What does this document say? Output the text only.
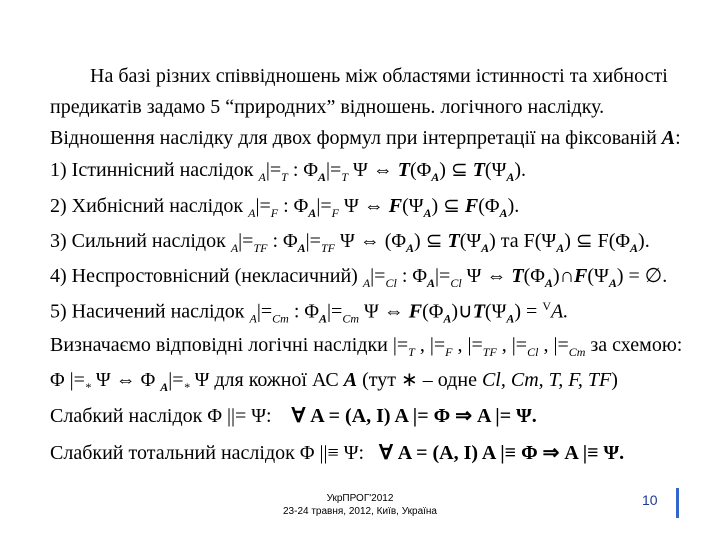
На базі різних співвідношень між областями істинності та хибності
предикатів задамо 5 “природних” відношень. логічного наслідку.
Відношення наслідку для двох формул при інтерпретації на фіксованій A:
1) Істиннісний наслідок $_A|=_T$ : $\Phi_A|=_T$ Ψ ⇔ $T(\Phi_A)$ ⊆ $T(\Psi_A)$.
2) Хибнісний наслідок $_A|=_F$ : $\Phi_A|=_F$ Ψ ⇔ $F(\Psi_A)$ ⊆ $F(\Phi_A)$.
3) Сильний наслідок $_A|=_{TF}$ : $\Phi_A|=_{TF}$ Ψ ⇔ $(\Phi_A)$ ⊆ $T(\Psi_A)$ та $F(\Psi_A)$ ⊆ $F(\Phi_A)$.
4) Неспростовнісний (некласичний) $_A|=_{Cl}$ : $\Phi_A|=_{Cl}$ Ψ ⇔ $T(\Phi_A)\cap F(\Psi_A)$ = ∅.
5) Насичений наслідок $_A|=_{Cm}$ : $\Phi_A|=_{Cm}$ Ψ ⇔ $F(\Phi_A)\cup T(\Psi_A) = ^VA$.
Визначаємо відповідні логічні наслідки $|=_T$ , $|=_F$ , $|=_{TF}$ , $|=_{Cl}$ , $|=_{Cm}$ за схемою:
Φ $|=_*$ Ψ ⇔ Φ $_A|=_*$ Ψ для кожної АС A (тут ∗ – одне Cl, Cm, T, F, TF)
Слабкий наслідок Φ ||= Ψ: ∀ A = (A, I) A |= Φ ⇒ A |= Ψ.
Слабкий тотальний наслідок Φ ||≡ Ψ: ∀ A = (A, I) A |≡ Φ ⇒ A |≡ Ψ.
УкрПРОГ'2012
23-24 травня, 2012, Київ, Україна
10
